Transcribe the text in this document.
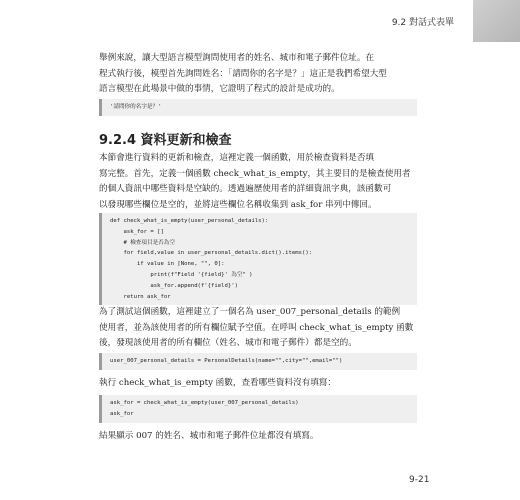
9.2 對話式表單

舉例來說，讓大型語言模型詢問使用者的姓名、城市和電子郵件位址。在
程式執行後，模型首先詢問姓名：「請問你的名字是？」這正是我們希望大型
語言模型在此場景中做的事情，它證明了程式的設計是成功的。

'請問你的名字是？'
9.2.4 資料更新和檢查

本節會進行資料的更新和檢查，這裡定義一個函數，用於檢查資料是否填
寫完整。首先，定義一個函數 check_what_is_empty，其主要目的是檢查使用者
的個人資訊中哪些資料是空缺的。透過遍歷使用者的詳細資訊字典，該函數可
以發現哪些欄位是空的，並將這些欄位名稱收集到 ask_for 串列中傳回。

def check_what_is_empty(user_personal_details):
ask_for = []
# 檢查項目是否為空
for field,value in user_personal_details.dict().items():
if value in [None, "", 0]:
print(f"Field '{field}' 為空" )
ask_for.append(f'{field}')
return ask_for

為了測試這個函數，這裡建立了一個名為 user_007_personal_details 的範例
使用者，並為該使用者的所有欄位賦予空值。在呼叫 check_what_is_empty 函數
後，發現該使用者的所有欄位（姓名、城市和電子郵件）都是空的。

user_007_personal_details = PersonalDetails(name="",city="",email="")

執行 check_what_is_empty 函數，查看哪些資料沒有填寫：

ask_for = check_what_is_empty(user_007_personal_details)
ask_for

結果顯示 007 的姓名、城市和電子郵件位址都沒有填寫。

9-21
